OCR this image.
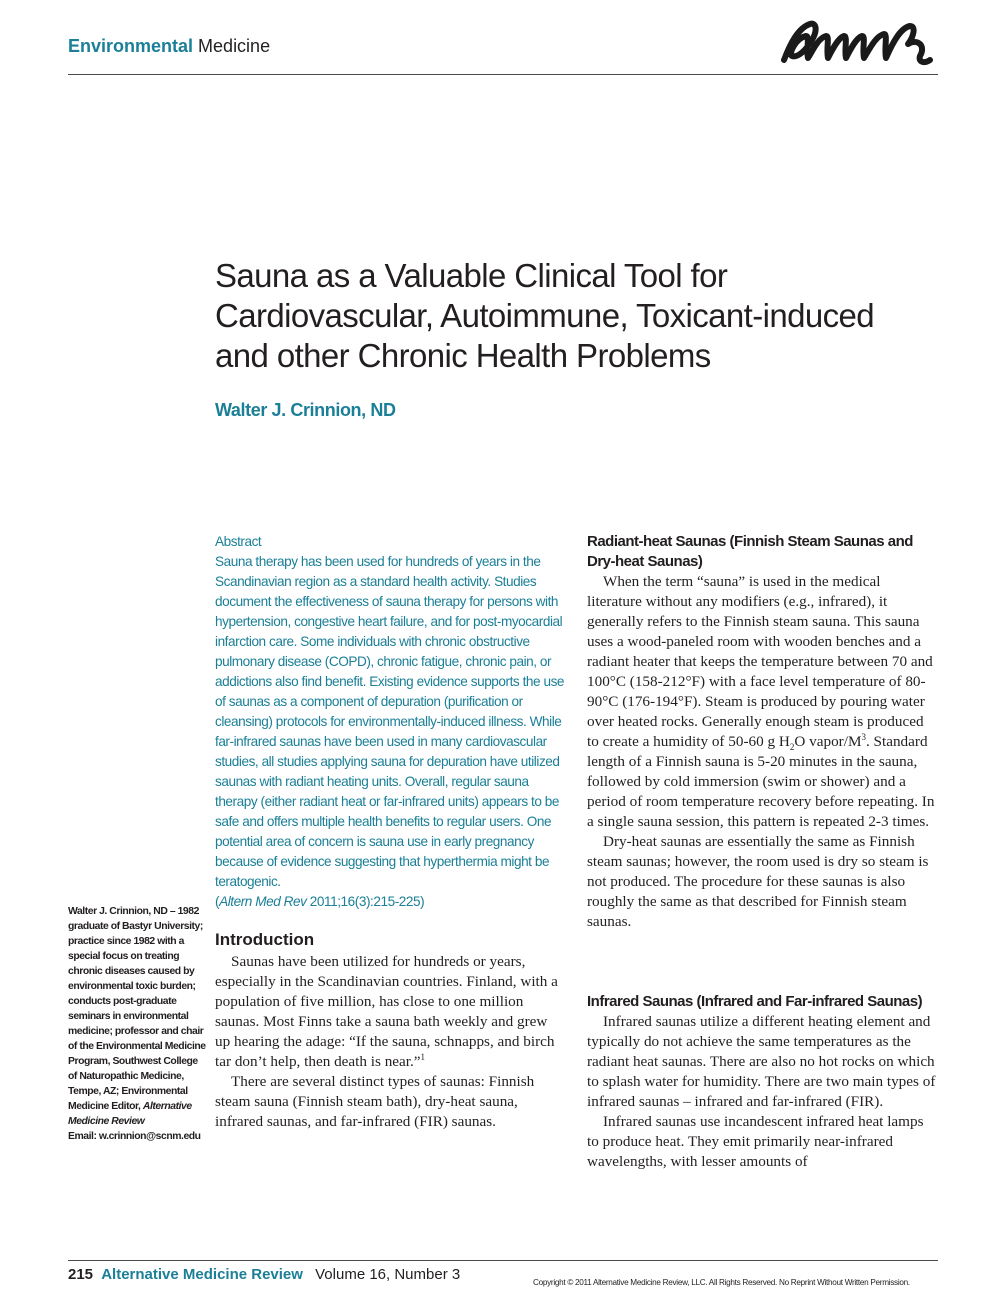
Environmental Medicine
Sauna as a Valuable Clinical Tool for Cardiovascular, Autoimmune, Toxicant-induced and other Chronic Health Problems
Walter J. Crinnion, ND

Abstract

Sauna therapy has been used for hundreds of years in the Scandinavian region as a standard health activity. Studies document the effectiveness of sauna therapy for persons with hypertension, congestive heart failure, and for post-myocardial infarction care. Some individuals with chronic obstructive pulmonary disease (COPD), chronic fatigue, chronic pain, or addictions also find benefit. Existing evidence supports the use of saunas as a component of depuration (purification or cleansing) protocols for environmentally-induced illness. While far-infrared saunas have been used in many cardiovascular studies, all studies applying sauna for depuration have utilized saunas with radiant heating units. Overall, regular sauna therapy (either radiant heat or far-infrared units) appears to be safe and offers multiple health benefits to regular users. One potential area of concern is sauna use in early pregnancy because of evidence suggesting that hyperthermia might be teratogenic.

(Altern Med Rev 2011;16(3):215-225)

Walter J. Crinnion, ND – 1982 graduate of Bastyr University; practice since 1982 with a special focus on treating chronic diseases caused by environmental toxic burden; conducts post-graduate seminars in environmental medicine; professor and chair of the Environmental Medicine Program, Southwest College of Naturopathic Medicine, Tempe, AZ; Environmental Medicine Editor, Alternative Medicine Review
Email: w.crinnion@scnm.edu
Introduction

Saunas have been utilized for hundreds or years, especially in the Scandinavian countries. Finland, with a population of five million, has close to one million saunas. Most Finns take a sauna bath weekly and grew up hearing the adage: “If the sauna, schnapps, and birch tar don’t help, then death is near.”$^1$

There are several distinct types of saunas: Finnish steam sauna (Finnish steam bath), dry-heat sauna, infrared saunas, and far-infrared (FIR) saunas.

Radiant-heat Saunas (Finnish Steam Saunas and Dry-heat Saunas)

When the term “sauna” is used in the medical literature without any modifiers (e.g., infrared), it generally refers to the Finnish steam sauna. This sauna uses a wood-paneled room with wooden benches and a radiant heater that keeps the temperature between 70 and 100°C (158-212°F) with a face level temperature of 80-90°C (176-194°F). Steam is produced by pouring water over heated rocks. Generally enough steam is produced to create a humidity of 50-60 g $H_2O$ vapor/$M^3$. Standard length of a Finnish sauna is 5-20 minutes in the sauna, followed by cold immersion (swim or shower) and a period of room temperature recovery before repeating. In a single sauna session, this pattern is repeated 2-3 times.

Dry-heat saunas are essentially the same as Finnish steam saunas; however, the room used is dry so steam is not produced. The procedure for these saunas is also roughly the same as that described for Finnish steam saunas.

Infrared Saunas (Infrared and Far-infrared Saunas)

Infrared saunas utilize a different heating element and typically do not achieve the same temperatures as the radiant heat saunas. There are also no hot rocks on which to splash water for humidity. There are two main types of infrared saunas – infrared and far-infrared (FIR).

Infrared saunas use incandescent infrared heat lamps to produce heat. They emit primarily near-infrared wavelengths, with lesser amounts of

215 Alternative Medicine Review Volume 16, Number 3	Copyright © 2011 Alternative Medicine Review, LLC. All Rights Reserved. No Reprint Without Written Permission.
